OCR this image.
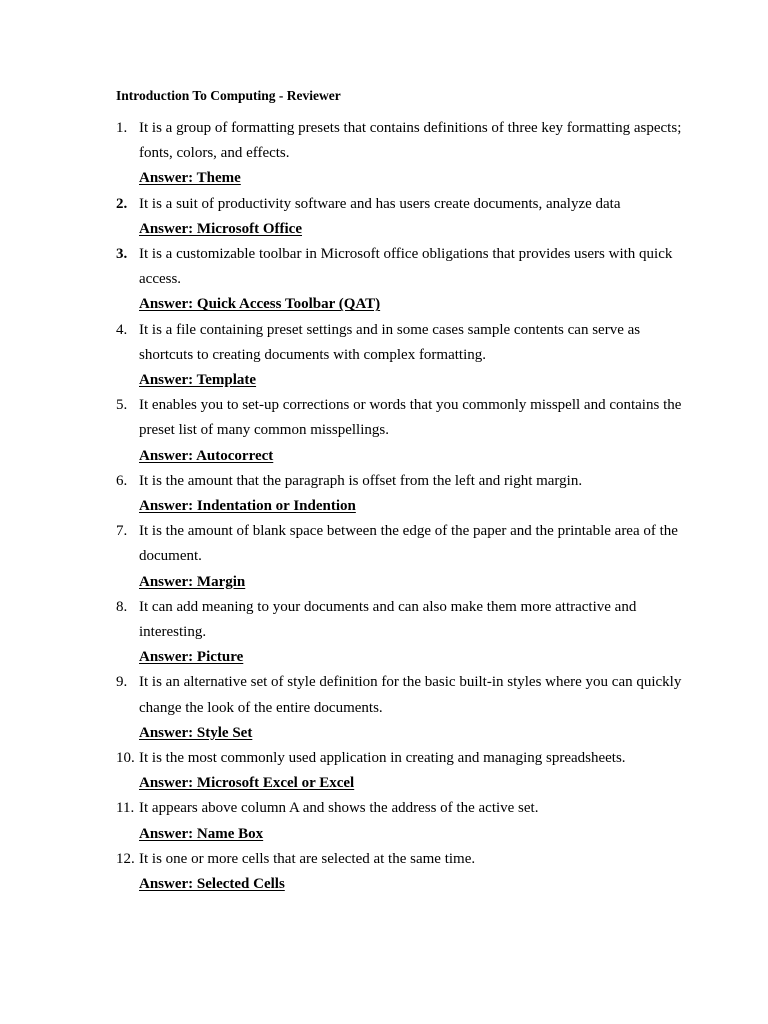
Introduction To Computing - Reviewer
1. It is a group of formatting presets that contains definitions of three key formatting aspects; fonts, colors, and effects.
Answer: Theme
2. It is a suit of productivity software and has users create documents, analyze data
Answer: Microsoft Office
3. It is a customizable toolbar in Microsoft office obligations that provides users with quick access.
Answer: Quick Access Toolbar (QAT)
4. It is a file containing preset settings and in some cases sample contents can serve as shortcuts to creating documents with complex formatting.
Answer: Template
5. It enables you to set-up corrections or words that you commonly misspell and contains the preset list of many common misspellings.
Answer: Autocorrect
6. It is the amount that the paragraph is offset from the left and right margin.
Answer: Indentation or Indention
7. It is the amount of blank space between the edge of the paper and the printable area of the document.
Answer: Margin
8. It can add meaning to your documents and can also make them more attractive and interesting.
Answer: Picture
9. It is an alternative set of style definition for the basic built-in styles where you can quickly change the look of the entire documents.
Answer: Style Set
10. It is the most commonly used application in creating and managing spreadsheets.
Answer: Microsoft Excel or Excel
11. It appears above column A and shows the address of the active set.
Answer: Name Box
12. It is one or more cells that are selected at the same time.
Answer: Selected Cells
